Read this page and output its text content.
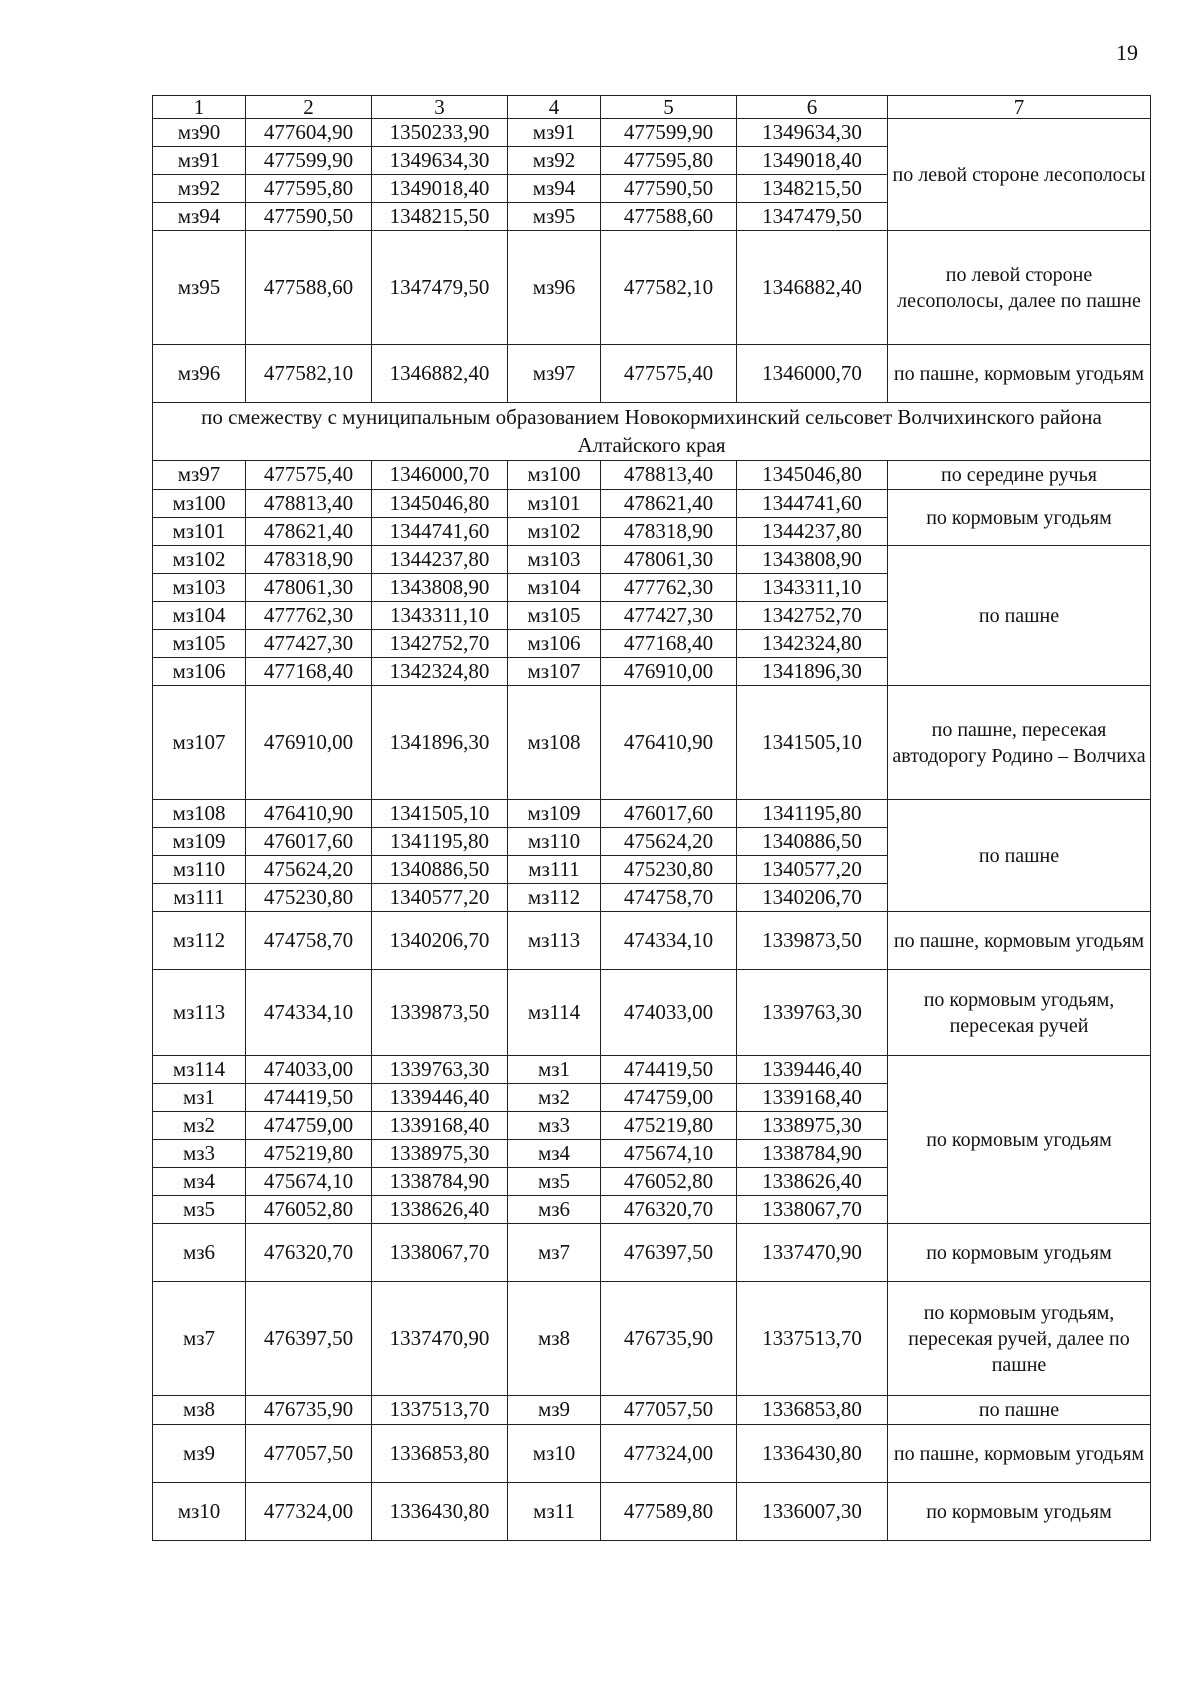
19
1	2	3	4	5	6	7
мз90	477604,90	1350233,90	мз91	477599,90	1349634,30	по левой стороне лесополосы
мз91	477599,90	1349634,30	мз92	477595,80	1349018,40	
мз92	477595,80	1349018,40	мз94	477590,50	1348215,50	
мз94	477590,50	1348215,50	мз95	477588,60	1347479,50	
мз95	477588,60	1347479,50	мз96	477582,10	1346882,40	по левой стороне лесополосы, далее по пашне
мз96	477582,10	1346882,40	мз97	477575,40	1346000,70	по пашне, кормовым угодьям
по смежеству с муниципальным образованием Новокормихинский сельсовет Волчихинского района Алтайского края						
мз97	477575,40	1346000,70	мз100	478813,40	1345046,80	по середине ручья
мз100	478813,40	1345046,80	мз101	478621,40	1344741,60	по кормовым угодьям
мз101	478621,40	1344741,60	мз102	478318,90	1344237,80	
мз102	478318,90	1344237,80	мз103	478061,30	1343808,90	по пашне
мз103	478061,30	1343808,90	мз104	477762,30	1343311,10	
мз104	477762,30	1343311,10	мз105	477427,30	1342752,70	
мз105	477427,30	1342752,70	мз106	477168,40	1342324,80	
мз106	477168,40	1342324,80	мз107	476910,00	1341896,30	
мз107	476910,00	1341896,30	мз108	476410,90	1341505,10	по пашне, пересекая автодорогу Родино – Волчиха
мз108	476410,90	1341505,10	мз109	476017,60	1341195,80	по пашне
мз109	476017,60	1341195,80	мз110	475624,20	1340886,50	
мз110	475624,20	1340886,50	мз111	475230,80	1340577,20	
мз111	475230,80	1340577,20	мз112	474758,70	1340206,70	
мз112	474758,70	1340206,70	мз113	474334,10	1339873,50	по пашне, кормовым угодьям
мз113	474334,10	1339873,50	мз114	474033,00	1339763,30	по кормовым угодьям, пересекая ручей
мз114	474033,00	1339763,30	мз1	474419,50	1339446,40	по кормовым угодьям
мз1	474419,50	1339446,40	мз2	474759,00	1339168,40	
мз2	474759,00	1339168,40	мз3	475219,80	1338975,30	
мз3	475219,80	1338975,30	мз4	475674,10	1338784,90	
мз4	475674,10	1338784,90	мз5	476052,80	1338626,40	
мз5	476052,80	1338626,40	мз6	476320,70	1338067,70	
мз6	476320,70	1338067,70	мз7	476397,50	1337470,90	по кормовым угодьям
мз7	476397,50	1337470,90	мз8	476735,90	1337513,70	по кормовым угодьям, пересекая ручей, далее по пашне
мз8	476735,90	1337513,70	мз9	477057,50	1336853,80	по пашне
мз9	477057,50	1336853,80	мз10	477324,00	1336430,80	по пашне, кормовым угодьям
мз10	477324,00	1336430,80	мз11	477589,80	1336007,30	по кормовым угодьям
